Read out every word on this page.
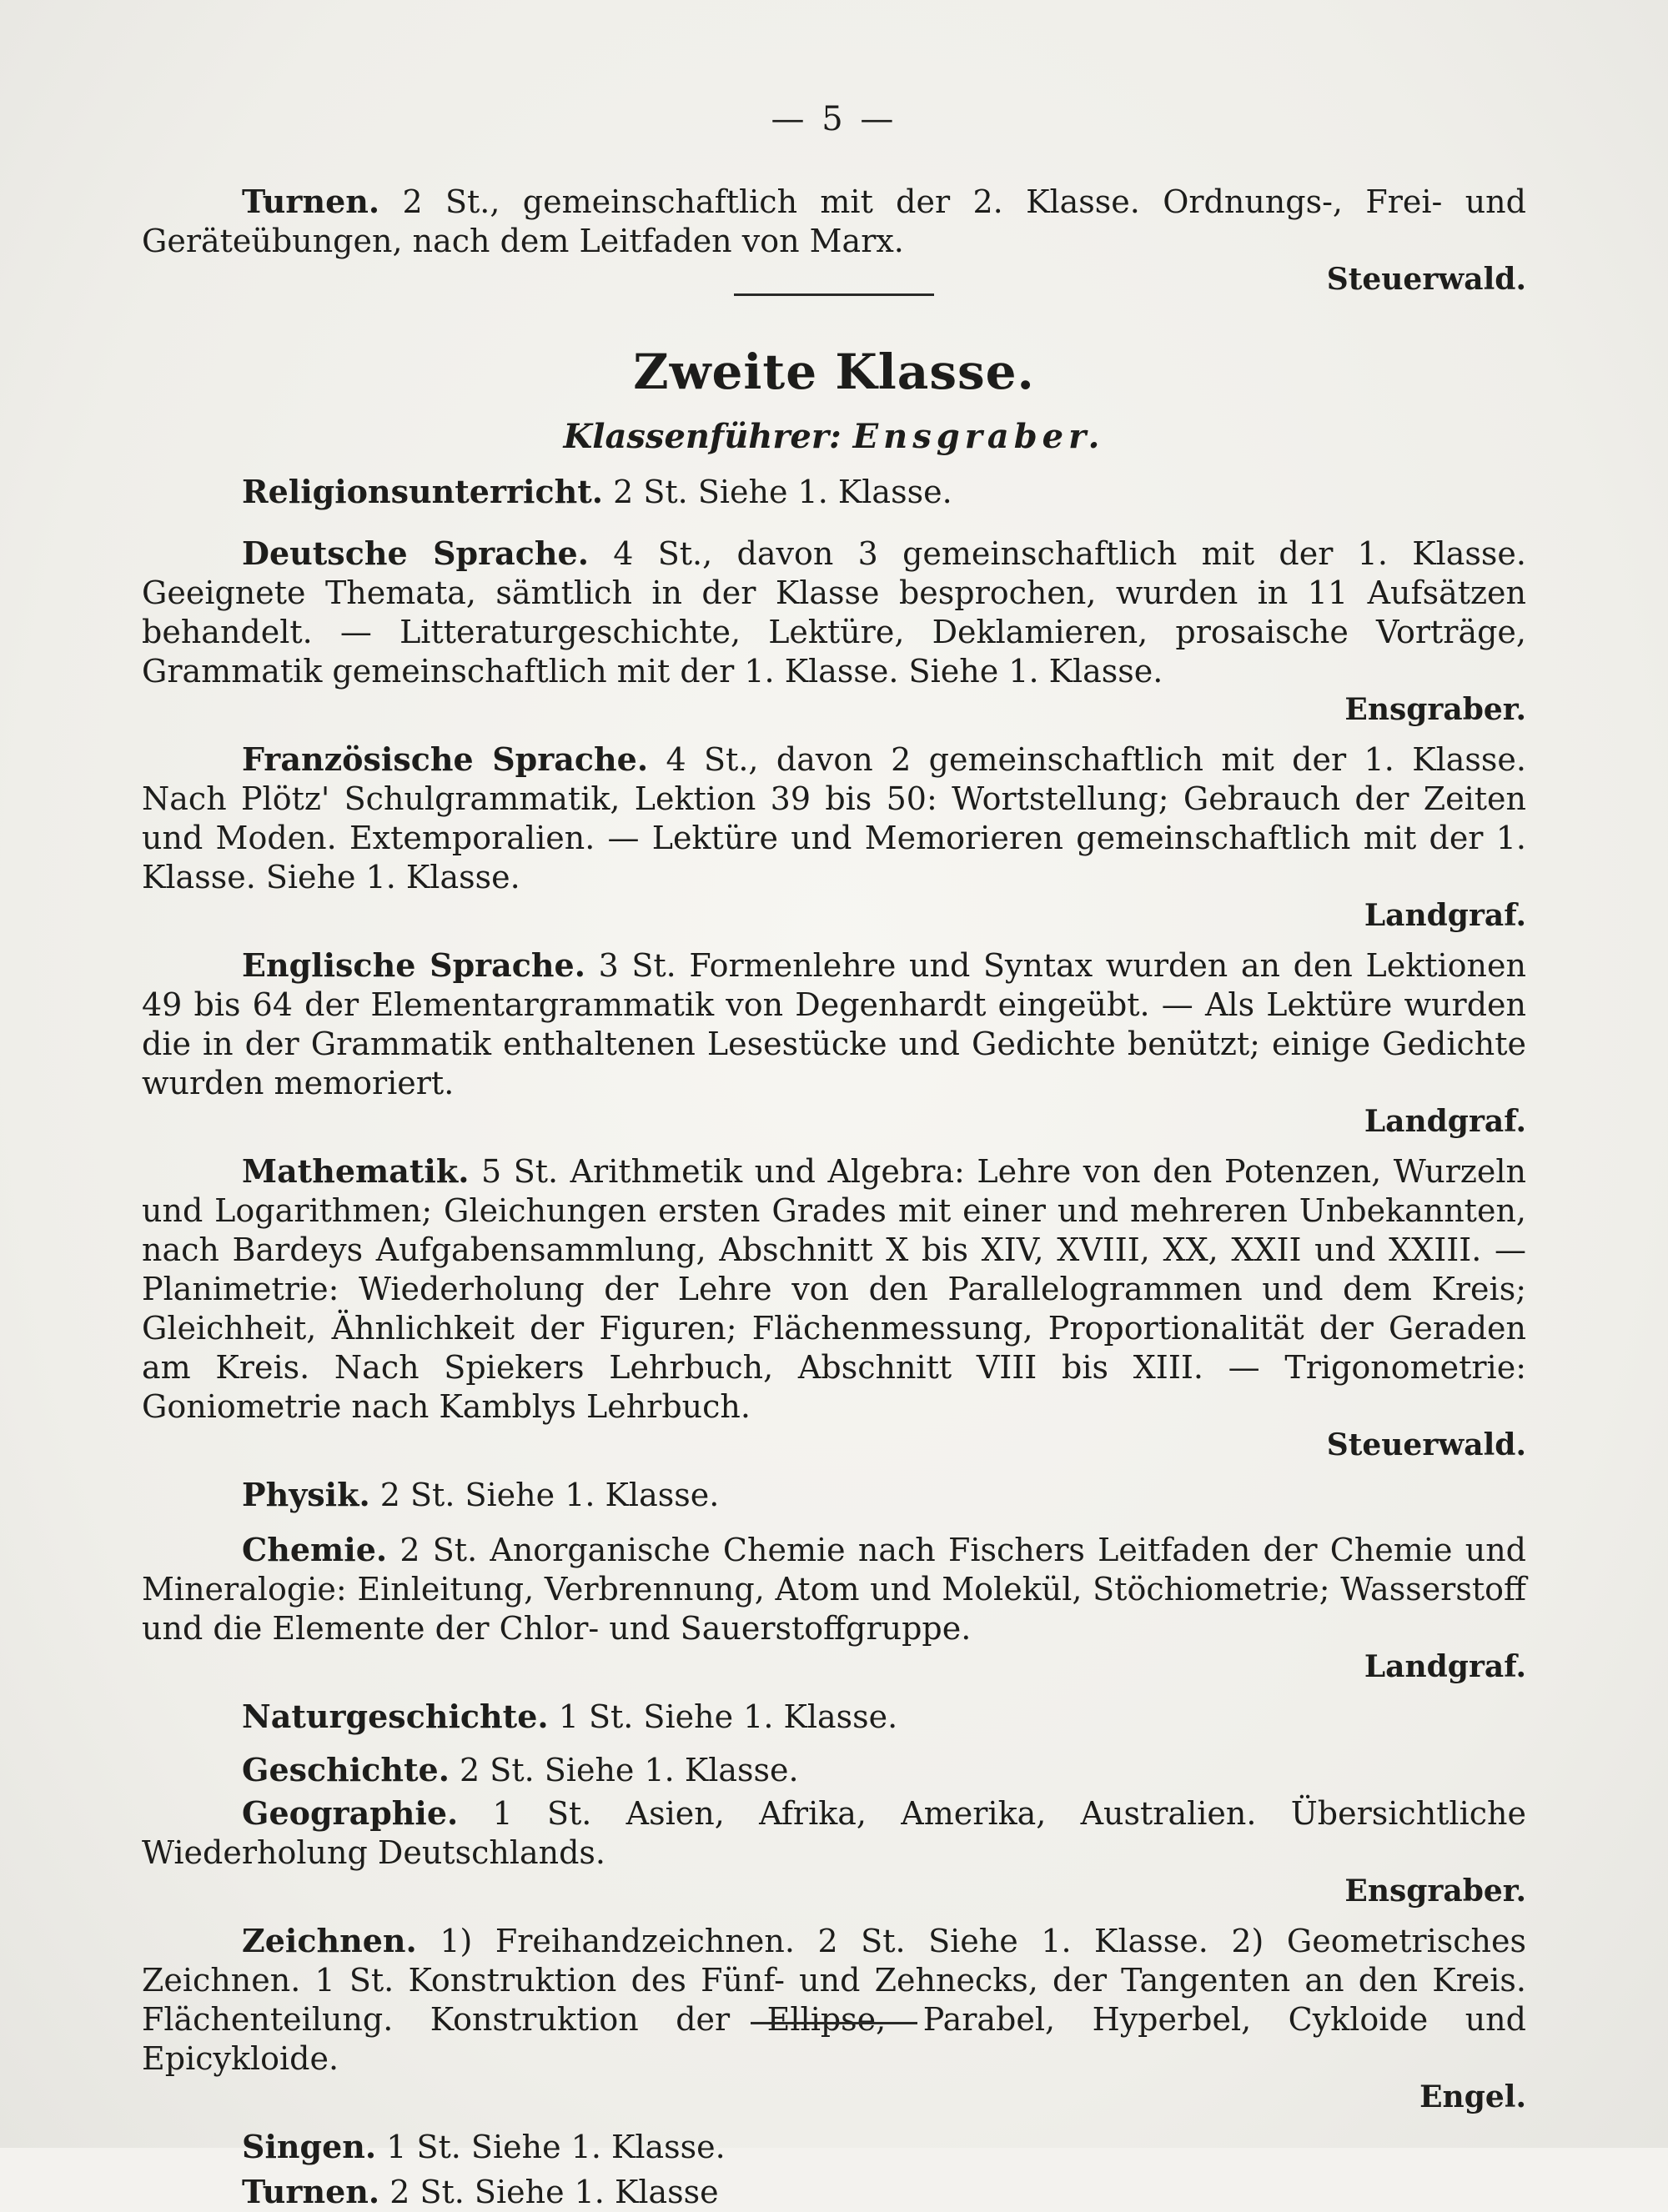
— 5 —

Turnen. 2 St., gemeinschaftlich mit der 2. Klasse. Ordnungs-, Frei- und Geräteübungen, nach dem Leitfaden von Marx.

Steuerwald.

Zweite Klasse.
Klassenführer: Ensgraber.

Religionsunterricht. 2 St. Siehe 1. Klasse.

Deutsche Sprache. 4 St., davon 3 gemeinschaftlich mit der 1. Klasse. Geeignete Themata, sämtlich in der Klasse besprochen, wurden in 11 Aufsätzen behandelt. — Litteraturgeschichte, Lektüre, Deklamieren, prosaische Vorträge, Grammatik gemeinschaftlich mit der 1. Klasse. Siehe 1. Klasse.

Ensgraber.

Französische Sprache. 4 St., davon 2 gemeinschaftlich mit der 1. Klasse. Nach Plötz' Schulgrammatik, Lektion 39 bis 50: Wortstellung; Gebrauch der Zeiten und Moden. Extemporalien. — Lektüre und Memorieren gemeinschaftlich mit der 1. Klasse. Siehe 1. Klasse.

Landgraf.

Englische Sprache. 3 St. Formenlehre und Syntax wurden an den Lektionen 49 bis 64 der Elementargrammatik von Degenhardt eingeübt. — Als Lektüre wurden die in der Grammatik enthaltenen Lesestücke und Gedichte benützt; einige Gedichte wurden memoriert.

Landgraf.

Mathematik. 5 St. Arithmetik und Algebra: Lehre von den Potenzen, Wurzeln und Logarithmen; Gleichungen ersten Grades mit einer und mehreren Unbekannten, nach Bardeys Aufgabensammlung, Abschnitt X bis XIV, XVIII, XX, XXII und XXIII. — Planimetrie: Wiederholung der Lehre von den Parallelogrammen und dem Kreis; Gleichheit, Ähnlichkeit der Figuren; Flächenmessung, Proportionalität der Geraden am Kreis. Nach Spiekers Lehrbuch, Abschnitt VIII bis XIII. — Trigonometrie: Goniometrie nach Kamblys Lehrbuch.

Steuerwald.

Physik. 2 St. Siehe 1. Klasse.

Chemie. 2 St. Anorganische Chemie nach Fischers Leitfaden der Chemie und Mineralogie: Einleitung, Verbrennung, Atom und Molekül, Stöchiometrie; Wasserstoff und die Elemente der Chlor- und Sauerstoffgruppe.

Landgraf.

Naturgeschichte. 1 St. Siehe 1. Klasse.

Geschichte. 2 St. Siehe 1. Klasse.

Geographie. 1 St. Asien, Afrika, Amerika, Australien. Übersichtliche Wiederholung Deutschlands.

Ensgraber.

Zeichnen. 1) Freihandzeichnen. 2 St. Siehe 1. Klasse. 2) Geometrisches Zeichnen. 1 St. Konstruktion des Fünf- und Zehnecks, der Tangenten an den Kreis. Flächenteilung. Konstruktion der Ellipse, Parabel, Hyperbel, Cykloide und Epicykloide.

Engel.

Singen. 1 St. Siehe 1. Klasse.

Turnen. 2 St. Siehe 1. Klasse
